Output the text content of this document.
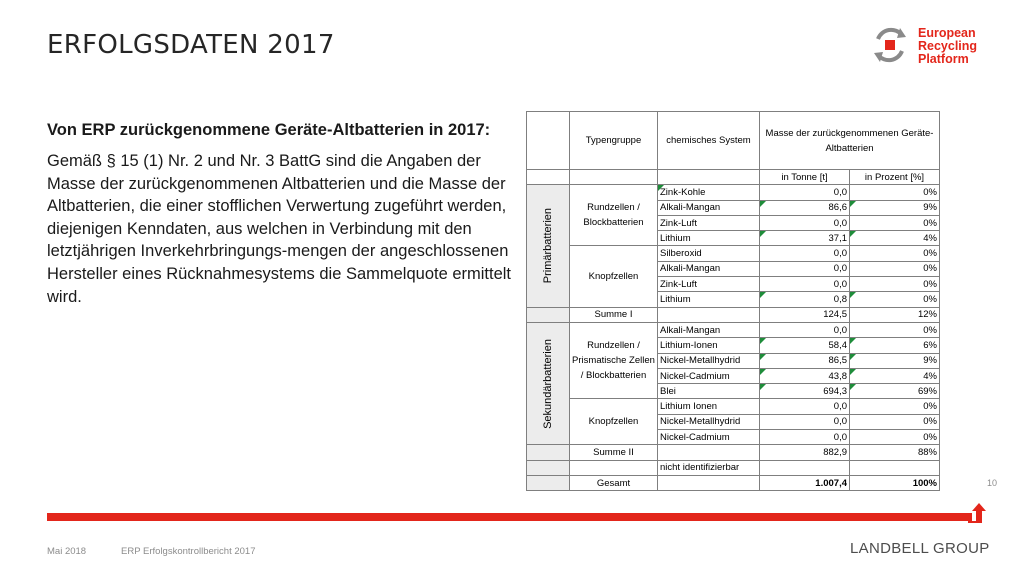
ERFOLGSDATEN 2017	European
Recycling
Platform
Von ERP zurückgenommene Geräte-Altbatterien in 2017:
Gemäß § 15 (1) Nr. 2 und Nr. 3 BattG sind die Angaben der Masse der zurückgenommenen Altbatterien und die Masse der Altbatterien, die einer stofflichen Verwertung zugeführt werden, diejenigen Kenndaten, aus welchen in Verbindung mit den letztjährigen Inverkehrbringungs-mengen der angeschlossenen Hersteller eines Rücknahmesystems die Sammelquote ermittelt wird.
	Typengruppe	chemisches System	Masse der zurückgenommenen Geräte-Altbatterien	
			in Tonne [t]	in Prozent [%]

Primärbatterien	Rundzellen / Blockbatterien	Zink-Kohle	0,0	0%
		Alkali-Mangan	86,6	9%
		Zink-Luft	0,0	0%
		Lithium	37,1	4%
	Knopfzellen	Silberoxid	0,0	0%
		Alkali-Mangan	0,0	0%
		Zink-Luft	0,0	0%
		Lithium	0,8	0%
	Summe I		124,5	12%

Sekundärbatterien	Rundzellen / Prismatische Zellen / Blockbatterien	Alkali-Mangan	0,0	0%
		Lithium-Ionen	58,4	6%
		Nickel-Metallhydrid	86,5	9%
		Nickel-Cadmium	43,8	4%
		Blei	694,3	69%
	Knopfzellen	Lithium Ionen	0,0	0%
		Nickel-Metallhydrid	0,0	0%
		Nickel-Cadmium	0,0	0%
	Summe II		882,9	88%
		nicht identifizierbar		
	Gesamt		1.007,4	100%	10
Mai 2018	ERP Erfolgskontrollbericht 2017	LANDBELL GROUP
